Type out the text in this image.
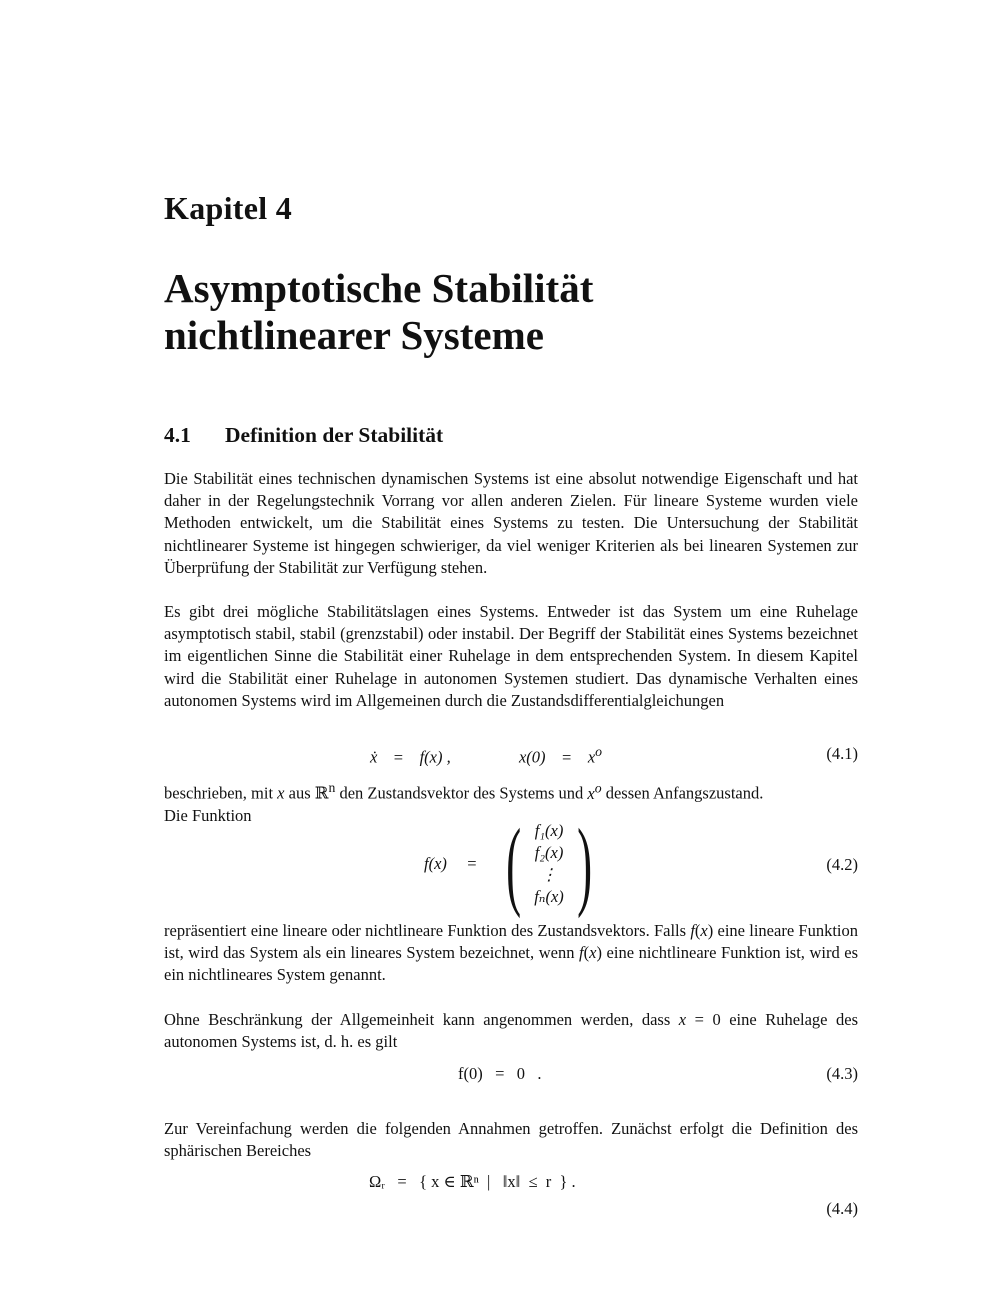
Kapitel 4
Asymptotische Stabilität
nichtlinearer Systeme
4.1 Definition der Stabilität

Die Stabilität eines technischen dynamischen Systems ist eine absolut notwendige Eigenschaft und hat daher in der Regelungstechnik Vorrang vor allen anderen Zielen. Für lineare Systeme wurden viele Methoden entwickelt, um die Stabilität eines Systems zu testen. Die Untersuchung der Stabilität nichtlinearer Systeme ist hingegen schwieriger, da viel weniger Kriterien als bei linearen Systemen zur Überprüfung der Stabilität zur Verfügung stehen.

Es gibt drei mögliche Stabilitätslagen eines Systems. Entweder ist das System um eine Ruhelage asymptotisch stabil, stabil (grenzstabil) oder instabil. Der Begriff der Stabilität eines Systems bezeichnet im eigentlichen Sinne die Stabilität einer Ruhelage in dem entsprechenden System. In diesem Kapitel wird die Stabilität einer Ruhelage in autonomen Systemen studiert. Das dynamische Verhalten eines autonomen Systems wird im Allgemeinen durch die Zustandsdifferentialgleichungen

ẋ = f(x) ,	$x(0) = x^o$	(4.1)

beschrieben, mit x aus ℝ$^n$ den Zustandsvektor des Systems und $x^o$ dessen Anfangszustand.
Die Funktion

f(x)	= ( f₁(x)
f₂(x)
⋮
fₙ(x) )	(4.2)

repräsentiert eine lineare oder nichtlineare Funktion des Zustandsvektors. Falls f(x) eine lineare Funktion ist, wird das System als ein lineares System bezeichnet, wenn f(x) eine nichtlineare Funktion ist, wird es ein nichtlineares System genannt.

Ohne Beschränkung der Allgemeinheit kann angenommen werden, dass x = 0 eine Ruhelage des autonomen Systems ist, d. h. es gilt

f(0)   =   0   .	(4.3)

Zur Vereinfachung werden die folgenden Annahmen getroffen. Zunächst erfolgt die Definition des sphärischen Bereiches

Ωᵣ   =   { x ∈ ℝⁿ  |   ‖x‖  ≤  r  } .
(4.4)
